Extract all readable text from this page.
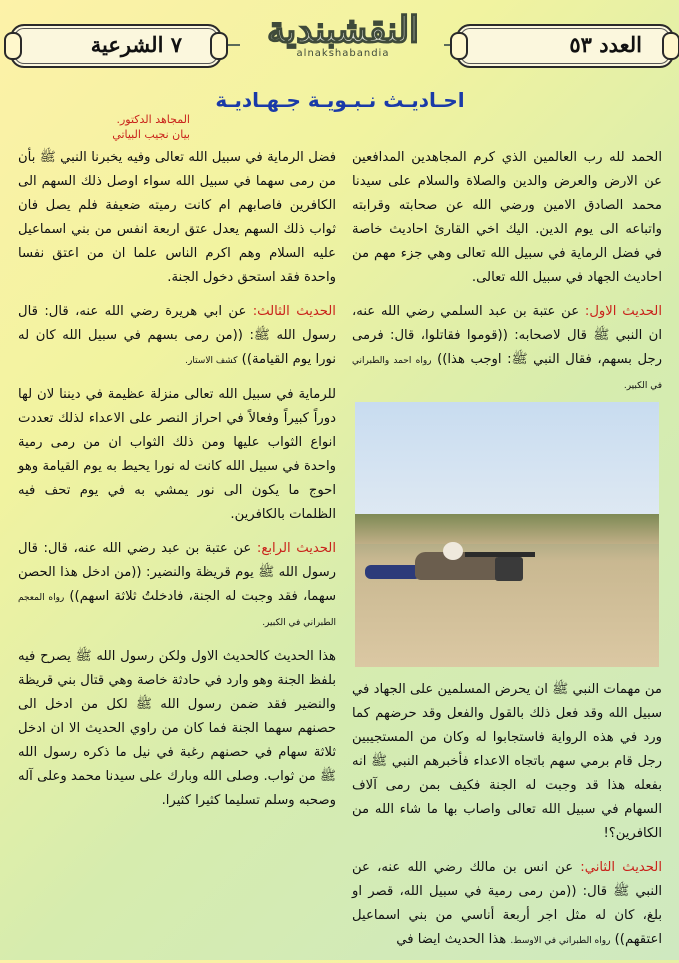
العدد ٥٣
النقشبندية
alnakshabandia
٧ الشرعية
احـاديـث نـبـويـة جـهـاديـة
المجاهد الدكتور.
بيان نجيب البياتي

الحمد لله رب العالمين الذي كرم المجاهدين المدافعين عن الارض والعرض والدين والصلاة والسلام على سيدنا محمد الصادق الامين ورضي الله عن صحابته وقرابته واتباعه الى يوم الدين. اليك اخي القارئ احاديث خاصة في فضل الرماية في سبيل الله تعالى وهي جزء مهم من احاديث الجهاد في سبيل الله تعالى.

الحديث الاول: عن عتبة بن عبد السلمي رضي الله عنه، ان النبي ﷺ قال لاصحابه: ((قوموا فقاتلوا، قال: فرمى رجل بسهم، فقال النبي ﷺ: اوجب هذا)) رواه احمد والطبراني في الكبير.

من مهمات النبي ﷺ ان يحرض المسلمين على الجهاد في سبيل الله وقد فعل ذلك بالقول والفعل وقد حرضهم كما ورد في هذه الرواية فاستجابوا له وكان من المستجيبين رجل قام برمي سهم باتجاه الاعداء فأخبرهم النبي ﷺ انه بفعله هذا قد وجبت له الجنة فكيف بمن رمى آلاف السهام في سبيل الله تعالى واصاب بها ما شاء الله من الكافرين؟!

الحديث الثاني: عن انس بن مالك رضي الله عنه، عن النبي ﷺ قال: ((من رمى رمية في سبيل الله، قصر او بلغ، كان له مثل اجر أربعة أناسي من بني اسماعيل اعتقهم)) رواه الطبراني في الاوسط. هذا الحديث ايضا في

فضل الرماية في سبيل الله تعالى وفيه يخبرنا النبي ﷺ بأن من رمى سهما في سبيل الله سواء اوصل ذلك السهم الى الكافرين فاصابهم ام كانت رميته ضعيفة فلم يصل فان ثواب ذلك السهم يعدل عتق اربعة انفس من بني اسماعيل عليه السلام وهم اكرم الناس علما ان من اعتق نفسا واحدة فقد استحق دخول الجنة.

الحديث الثالث: عن ابي هريرة رضي الله عنه، قال: قال رسول الله ﷺ: ((من رمى بسهم في سبيل الله كان له نورا يوم القيامة)) كشف الاستار.

للرماية في سبيل الله تعالى منزلة عظيمة في ديننا لان لها دوراً كبيراً وفعالاً في احراز النصر على الاعداء لذلك تعددت انواع الثواب عليها ومن ذلك الثواب ان من رمى رمية واحدة في سبيل الله كانت له نورا يحيط به يوم القيامة وهو احوج ما يكون الى نور يمشي به في يوم تحف فيه الظلمات بالكافرين.

الحديث الرابع: عن عتبة بن عبد رضي الله عنه، قال: قال رسول الله ﷺ يوم قريظة والنضير: ((من ادخل هذا الحصن سهما، فقد وجبت له الجنة، فادخلتُ ثلاثة اسهم)) رواه المعجم الطبراني في الكبير.

هذا الحديث كالحديث الاول ولكن رسول الله ﷺ يصرح فيه بلفظ الجنة وهو وارد في حادثة خاصة وهي قتال بني قريظة والنضير فقد ضمن رسول الله ﷺ لكل من ادخل الى حصنهم سهما الجنة فما كان من راوي الحديث الا ان ادخل ثلاثة سهام في حصنهم رغبة في نيل ما ذكره رسول الله ﷺ من ثواب. وصلى الله وبارك على سيدنا محمد وعلى آله وصحبه وسلم تسليما كثيرا كثيرا.
